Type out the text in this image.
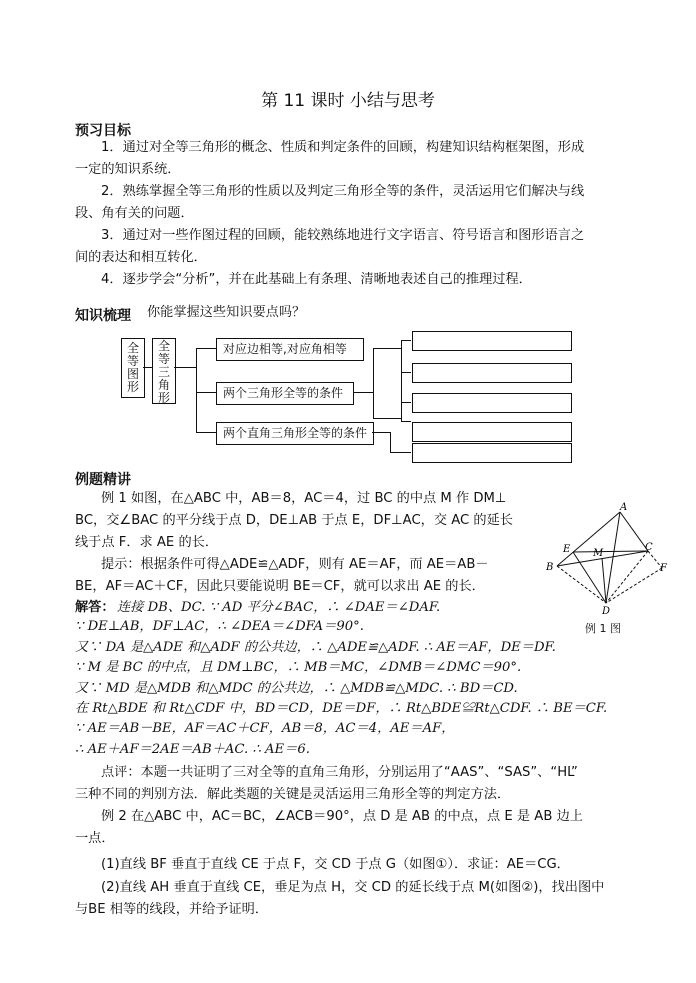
第 11 课时 小结与思考
预习目标
1．通过对全等三角形的概念、性质和判定条件的回顾，构建知识结构框架图，形成
一定的知识系统．
2．熟练掌握全等三角形的性质以及判定三角形全等的条件，灵活运用它们解决与线
段、角有关的问题．
3．通过对一些作图过程的回顾，能较熟练地进行文字语言、符号语言和图形语言之
间的表达和相互转化．
4．逐步学会“分析”，并在此基础上有条理、清晰地表述自己的推理过程．
知识梳理 你能掌握这些知识要点吗？
全等图形
全等三角形
对应边相等,对应角相等
两个三角形全等的条件
两个直角三角形全等的条件
例题精讲
例 1 如图，在△ABC 中，AB＝8，AC＝4，过 BC 的中点 M 作 DM⊥
BC，交∠BAC 的平分线于点 D，DE⊥AB 于点 E，DF⊥AC，交 AC 的延长
线于点 F．求 AE 的长．
提示：根据条件可得△ADE≌△ADF，则有 AE＝AF，而 AE＝AB－
BE，AF＝AC＋CF，因此只要能说明 BE＝CF，就可以求出 AE 的长．
解答： 连接 DB、DC. ∵ AD 平分∠BAC，∴ ∠DAE＝∠DAF.
∵ DE⊥AB，DF⊥AC，∴ ∠DEA＝∠DFA＝90°.
又∵ DA 是△ADE 和△ADF 的公共边，∴ △ADE≌△ADF. ∴ AE＝AF，DE＝DF.
∵ M 是 BC 的中点，且 DM⊥BC，∴ MB＝MC，∠DMB＝∠DMC＝90°.
又∵ MD 是△MDB 和△MDC 的公共边，∴ △MDB≌△MDC. ∴ BD＝CD.
在 Rt△BDE 和 Rt△CDF 中，BD＝CD，DE＝DF，∴ Rt△BDE≌Rt△CDF. ∴ BE＝CF.
∵ AE＝AB－BE，AF＝AC＋CF，AB＝8，AC＝4，AE＝AF，
∴ AE＋AF＝2AE＝AB＋AC. ∴ AE＝6.
点评：本题一共证明了三对全等的直角三角形，分别运用了“AAS”、“SAS”、“HL”
三种不同的判别方法．解此类题的关键是灵活运用三角形全等的判定方法．
例 2 在△ABC 中，AC＝BC，∠ACB＝90°，点 D 是 AB 的中点，点 E 是 AB 边上
一点．
(1)直线 BF 垂直于直线 CE 于点 F，交 CD 于点 G（如图①）．求证：AE＝CG．
(2)直线 AH 垂直于直线 CE，垂足为点 H，交 CD 的延长线于点 M(如图②)，找出图中
与BE 相等的线段，并给予证明．
A
B
C
D
E
F
M
例 1 图
